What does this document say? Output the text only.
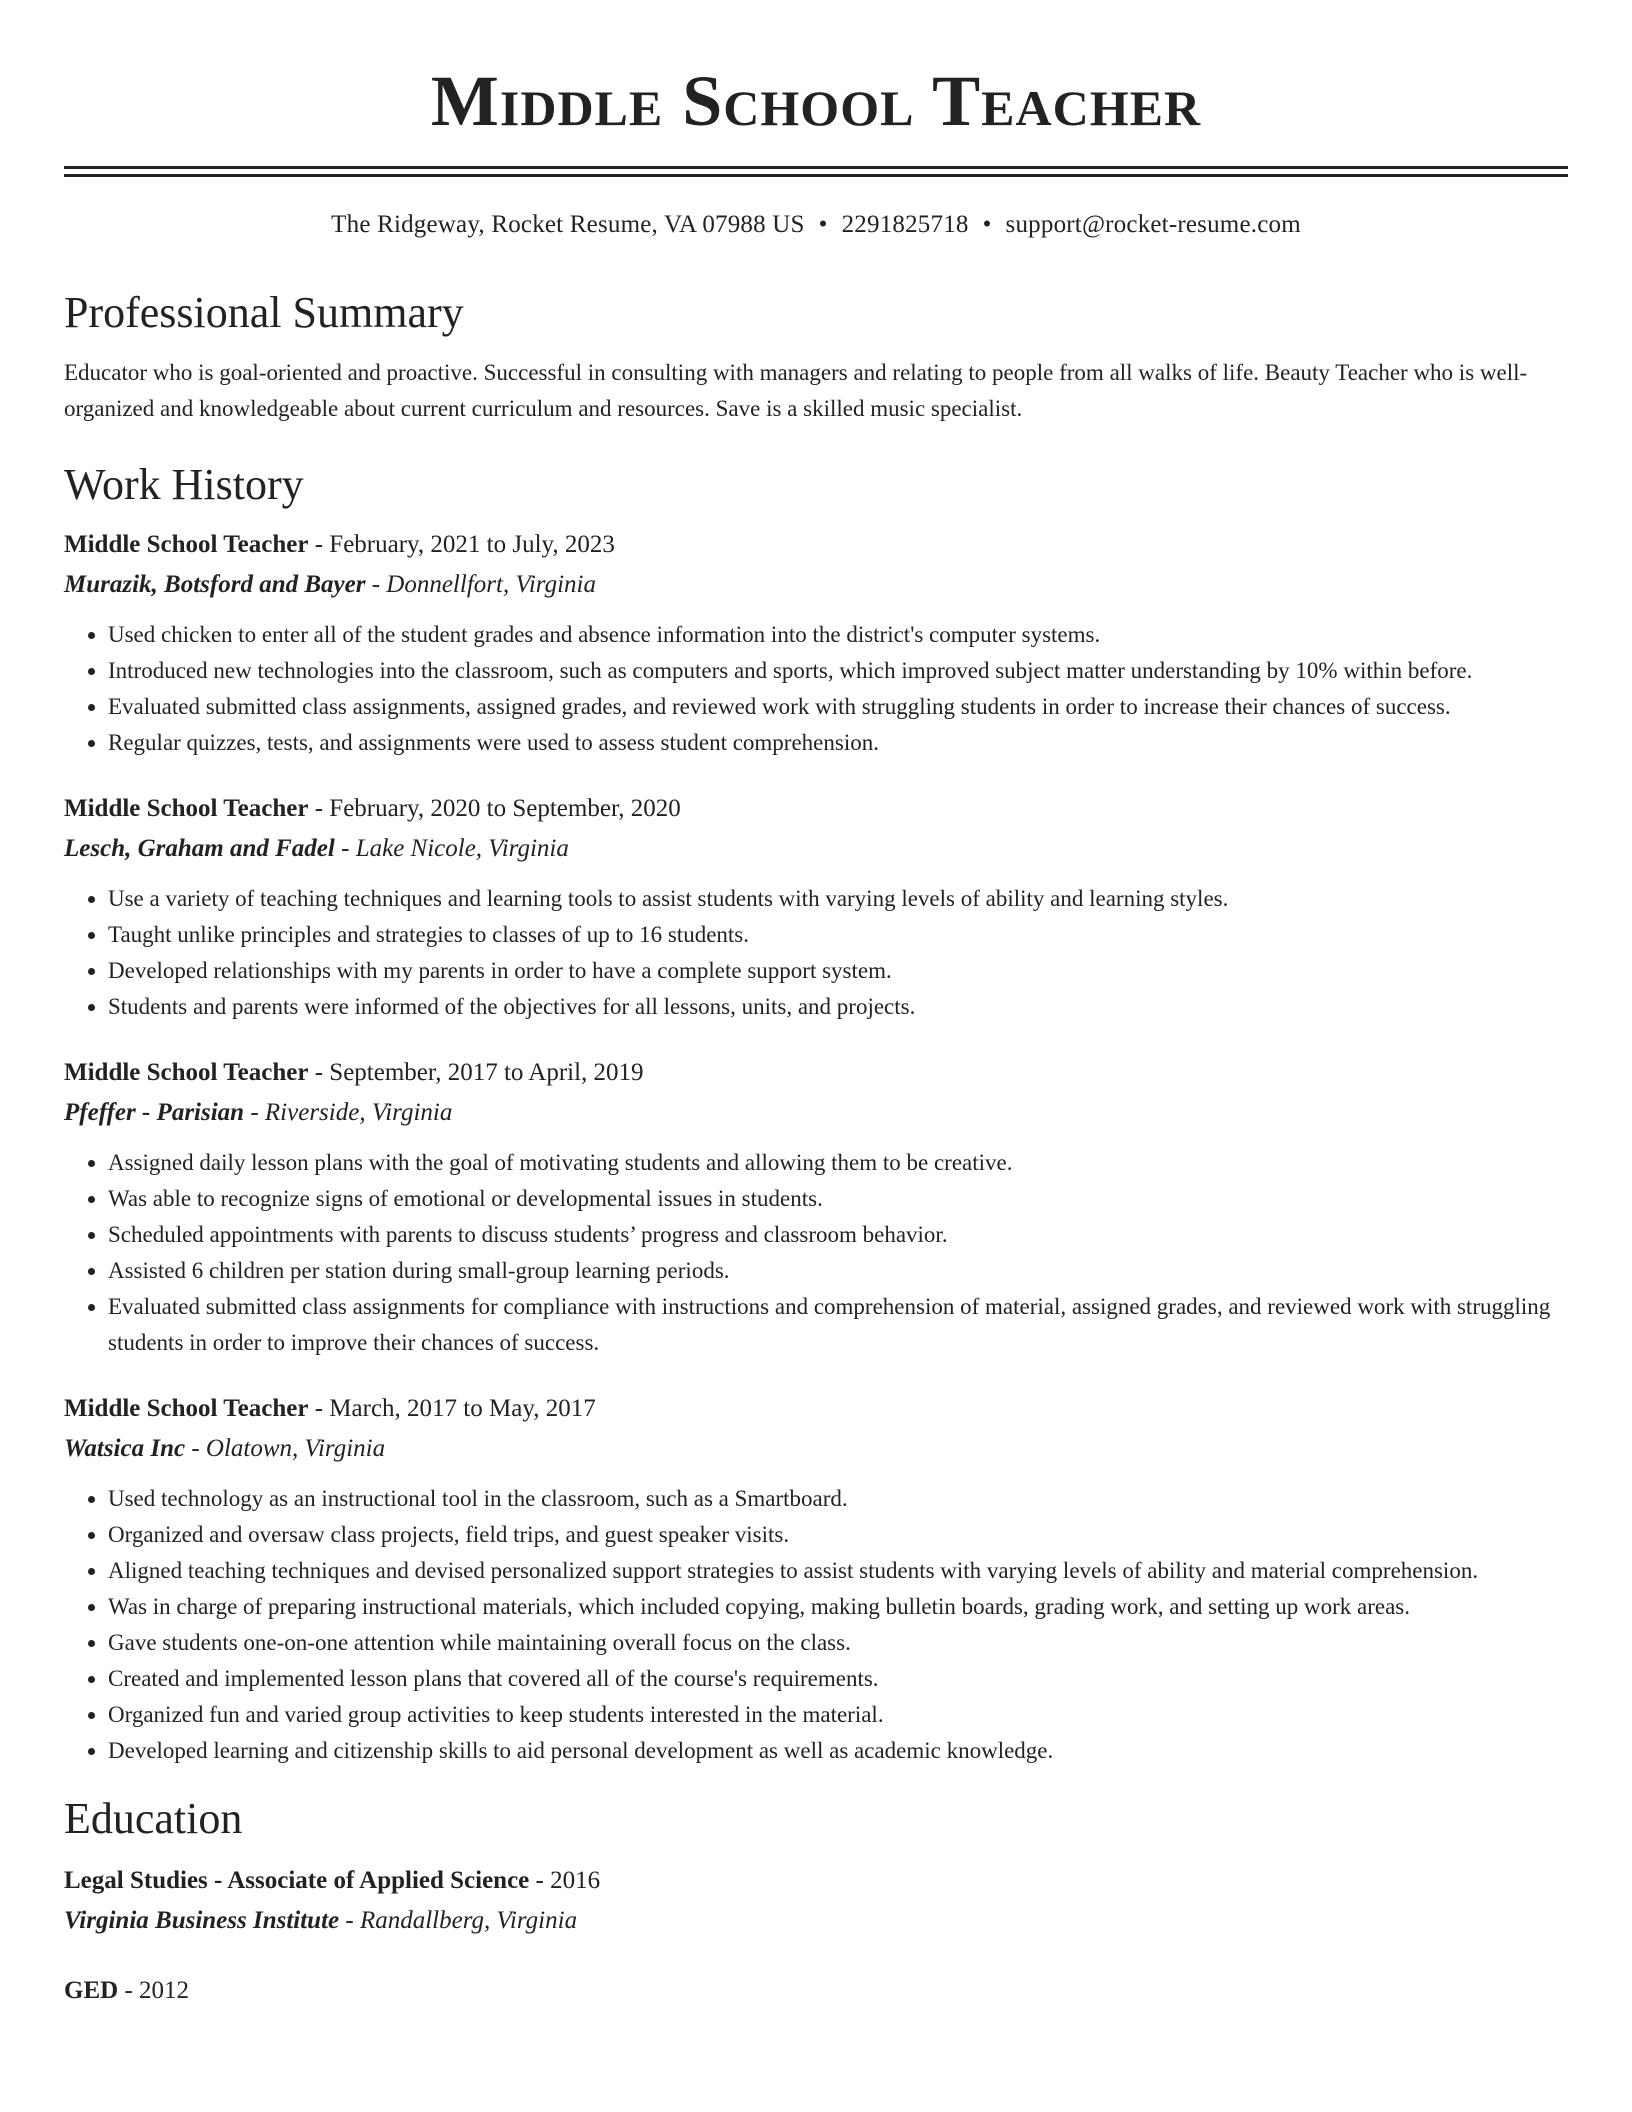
Middle School Teacher
The Ridgeway, Rocket Resume, VA 07988 US • 2291825718 • support@rocket-resume.com
Professional Summary
Educator who is goal-oriented and proactive. Successful in consulting with managers and relating to people from all walks of life. Beauty Teacher who is well-organized and knowledgeable about current curriculum and resources. Save is a skilled music specialist.
Work History
Middle School Teacher - February, 2021 to July, 2023
Murazik, Botsford and Bayer - Donnellfort, Virginia
• Used chicken to enter all of the student grades and absence information into the district's computer systems.
• Introduced new technologies into the classroom, such as computers and sports, which improved subject matter understanding by 10% within before.
• Evaluated submitted class assignments, assigned grades, and reviewed work with struggling students in order to increase their chances of success.
• Regular quizzes, tests, and assignments were used to assess student comprehension.
Middle School Teacher - February, 2020 to September, 2020
Lesch, Graham and Fadel - Lake Nicole, Virginia
• Use a variety of teaching techniques and learning tools to assist students with varying levels of ability and learning styles.
• Taught unlike principles and strategies to classes of up to 16 students.
• Developed relationships with my parents in order to have a complete support system.
• Students and parents were informed of the objectives for all lessons, units, and projects.
Middle School Teacher - September, 2017 to April, 2019
Pfeffer - Parisian - Riverside, Virginia
• Assigned daily lesson plans with the goal of motivating students and allowing them to be creative.
• Was able to recognize signs of emotional or developmental issues in students.
• Scheduled appointments with parents to discuss students’ progress and classroom behavior.
• Assisted 6 children per station during small-group learning periods.
• Evaluated submitted class assignments for compliance with instructions and comprehension of material, assigned grades, and reviewed work with struggling students in order to improve their chances of success.
Middle School Teacher - March, 2017 to May, 2017
Watsica Inc - Olatown, Virginia
• Used technology as an instructional tool in the classroom, such as a Smartboard.
• Organized and oversaw class projects, field trips, and guest speaker visits.
• Aligned teaching techniques and devised personalized support strategies to assist students with varying levels of ability and material comprehension.
• Was in charge of preparing instructional materials, which included copying, making bulletin boards, grading work, and setting up work areas.
• Gave students one-on-one attention while maintaining overall focus on the class.
• Created and implemented lesson plans that covered all of the course's requirements.
• Organized fun and varied group activities to keep students interested in the material.
• Developed learning and citizenship skills to aid personal development as well as academic knowledge.
Education
Legal Studies - Associate of Applied Science - 2016
Virginia Business Institute - Randallberg, Virginia
GED - 2012
